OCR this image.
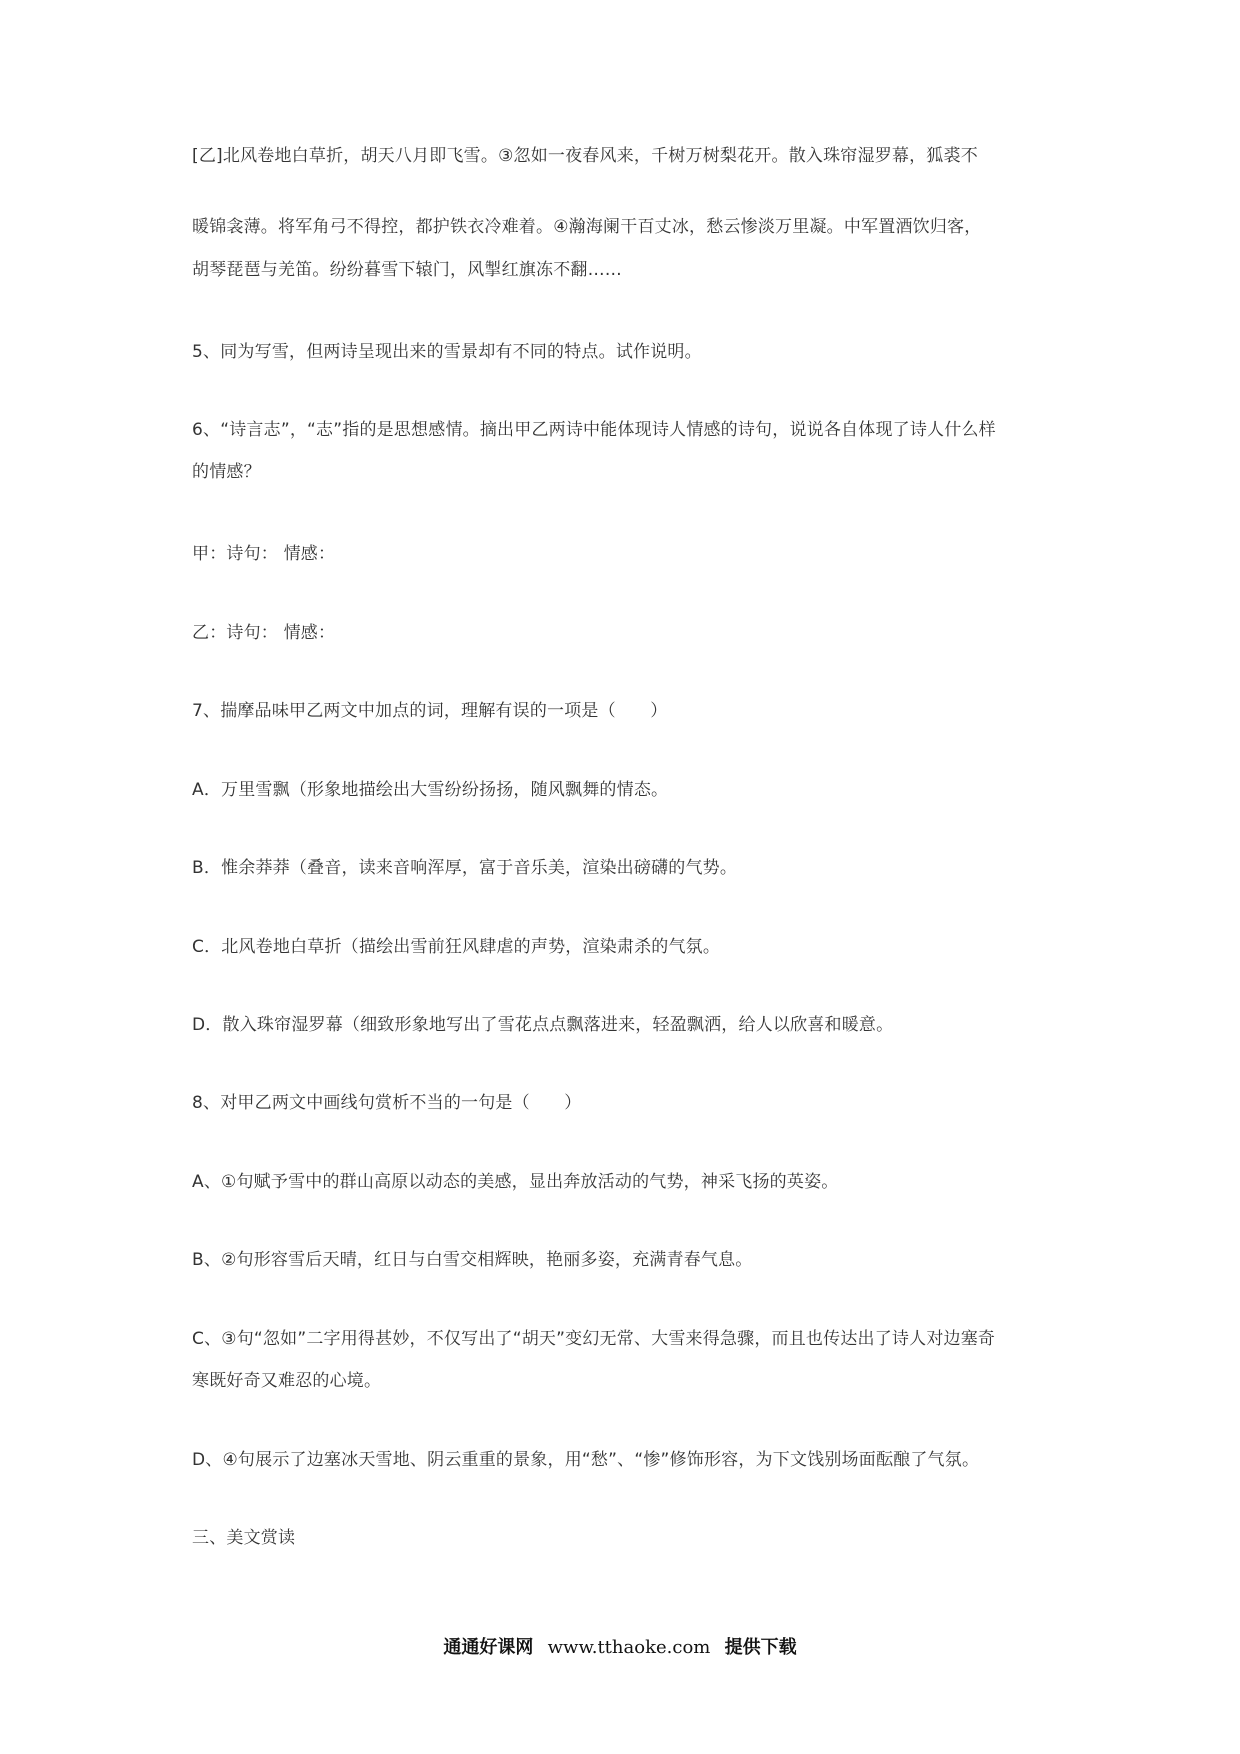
[乙]北风卷地白草折，胡天八月即飞雪。③忽如一夜春风来，千树万树梨花开。散入珠帘湿罗幕，狐裘不
暖锦衾薄。将军角弓不得控，都护铁衣冷难着。④瀚海阑干百丈冰，愁云惨淡万里凝。中军置酒饮归客，
胡琴琵琶与羌笛。纷纷暮雪下辕门，风掣红旗冻不翻……
5、同为写雪，但两诗呈现出来的雪景却有不同的特点。试作说明。
6、“诗言志”，“志”指的是思想感情。摘出甲乙两诗中能体现诗人情感的诗句，说说各自体现了诗人什么样
的情感？
甲：诗句： 情感：
乙：诗句： 情感：
7、揣摩品味甲乙两文中加点的词，理解有误的一项是（　　）
A．万里雪飘（形象地描绘出大雪纷纷扬扬，随风飘舞的情态。
B．惟余莽莽（叠音，读来音响浑厚，富于音乐美，渲染出磅礴的气势。
C．北风卷地白草折（描绘出雪前狂风肆虐的声势，渲染肃杀的气氛。
D．散入珠帘湿罗幕（细致形象地写出了雪花点点飘落进来，轻盈飘洒，给人以欣喜和暖意。
8、对甲乙两文中画线句赏析不当的一句是（　　）
A、①句赋予雪中的群山高原以动态的美感，显出奔放活动的气势，神采飞扬的英姿。
B、②句形容雪后天晴，红日与白雪交相辉映，艳丽多姿，充满青春气息。
C、③句“忽如”二字用得甚妙，不仅写出了“胡天”变幻无常、大雪来得急骤，而且也传达出了诗人对边塞奇
寒既好奇又难忍的心境。
D、④句展示了边塞冰天雪地、阴云重重的景象，用“愁”、“惨”修饰形容，为下文饯别场面酝酿了气氛。
三、美文赏读
通通好课网 www.tthaoke.com 提供下载
